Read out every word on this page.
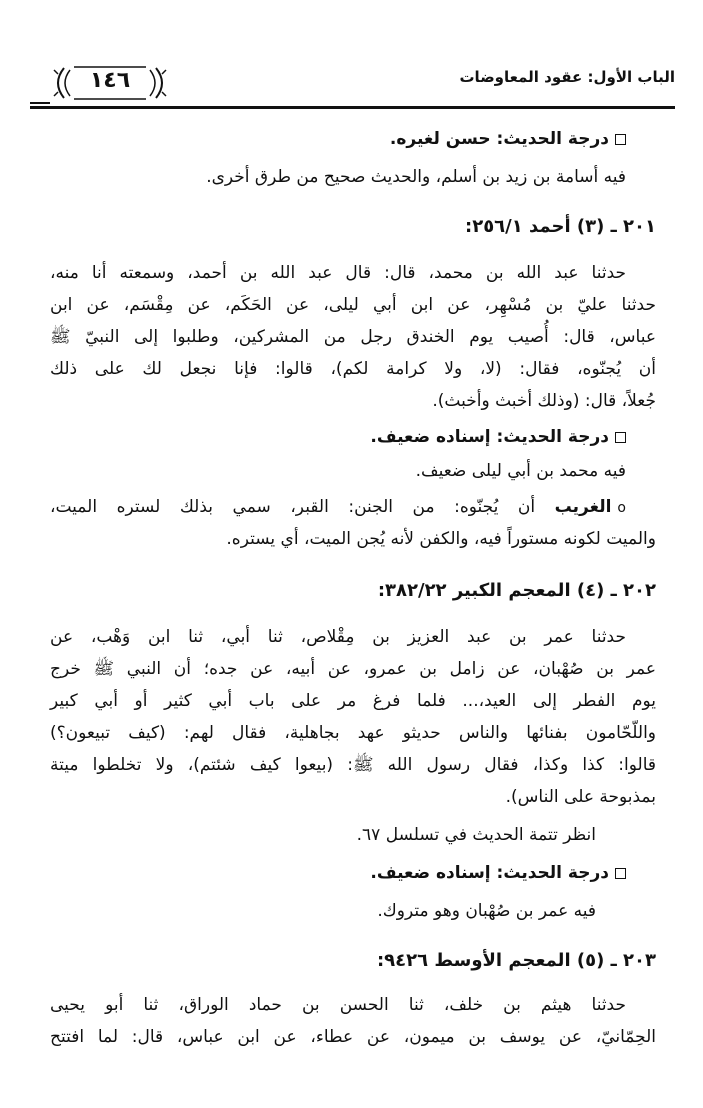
الباب الأول: عقود المعاوضات
١٤٦
درجة الحديث: حسن لغيره.
فيه أسامة بن زيد بن أسلم، والحديث صحيح من طرق أخرى.
٢٠١ ـ (٣) أحمد ٢٥٦/١:
حدثنا عبد الله بن محمد، قال: قال عبد الله بن أحمد، وسمعته أنا منه،
حدثنا عليّ بن مُسْهِر، عن ابن أبي ليلى، عن الحَكَم، عن مِقْسَم، عن ابن
عباس، قال: أُصيب يوم الخندق رجل من المشركين، وطلبوا إلى النبيّ ﷺ
أن يُجنّوه، فقال: (لا، ولا كرامة لكم)، قالوا: فإنا نجعل لك على ذلك
جُعلاً، قال: (وذلك أخبث وأخبث).
درجة الحديث: إسناده ضعيف.
فيه محمد بن أبي ليلى ضعيف.
oالغريب أن يُجنّوه: من الجنن: القبر، سمي بذلك لستره الميت،
والميت لكونه مستوراً فيه، والكفن لأنه يُجن الميت، أي يستره.
٢٠٢ ـ (٤) المعجم الكبير ٣٨٢/٢٢:
حدثنا عمر بن عبد العزيز بن مِقْلاص، ثنا أبي، ثنا ابن وَهْب، عن
عمر بن صُهْبان، عن زامل بن عمرو، عن أبيه، عن جده؛ أن النبي ﷺ خرج
يوم الفطر إلى العيد،... فلما فرغ مر على باب أبي كثير أو أبي كبير
واللّحّامون بفنائها والناس حديثو عهد بجاهلية، فقال لهم: (كيف تبيعون؟)
قالوا: كذا وكذا، فقال رسول الله ﷺ: (بيعوا كيف شئتم)، ولا تخلطوا ميتة
بمذبوحة على الناس).
انظر تتمة الحديث في تسلسل ٦٧.
درجة الحديث: إسناده ضعيف.
فيه عمر بن صُهْبان وهو متروك.
٢٠٣ ـ (٥) المعجم الأوسط ٩٤٢٦:
حدثنا هيثم بن خلف، ثنا الحسن بن حماد الوراق، ثنا أبو يحيى
الحِمّانيّ، عن يوسف بن ميمون، عن عطاء، عن ابن عباس، قال: لما افتتح
